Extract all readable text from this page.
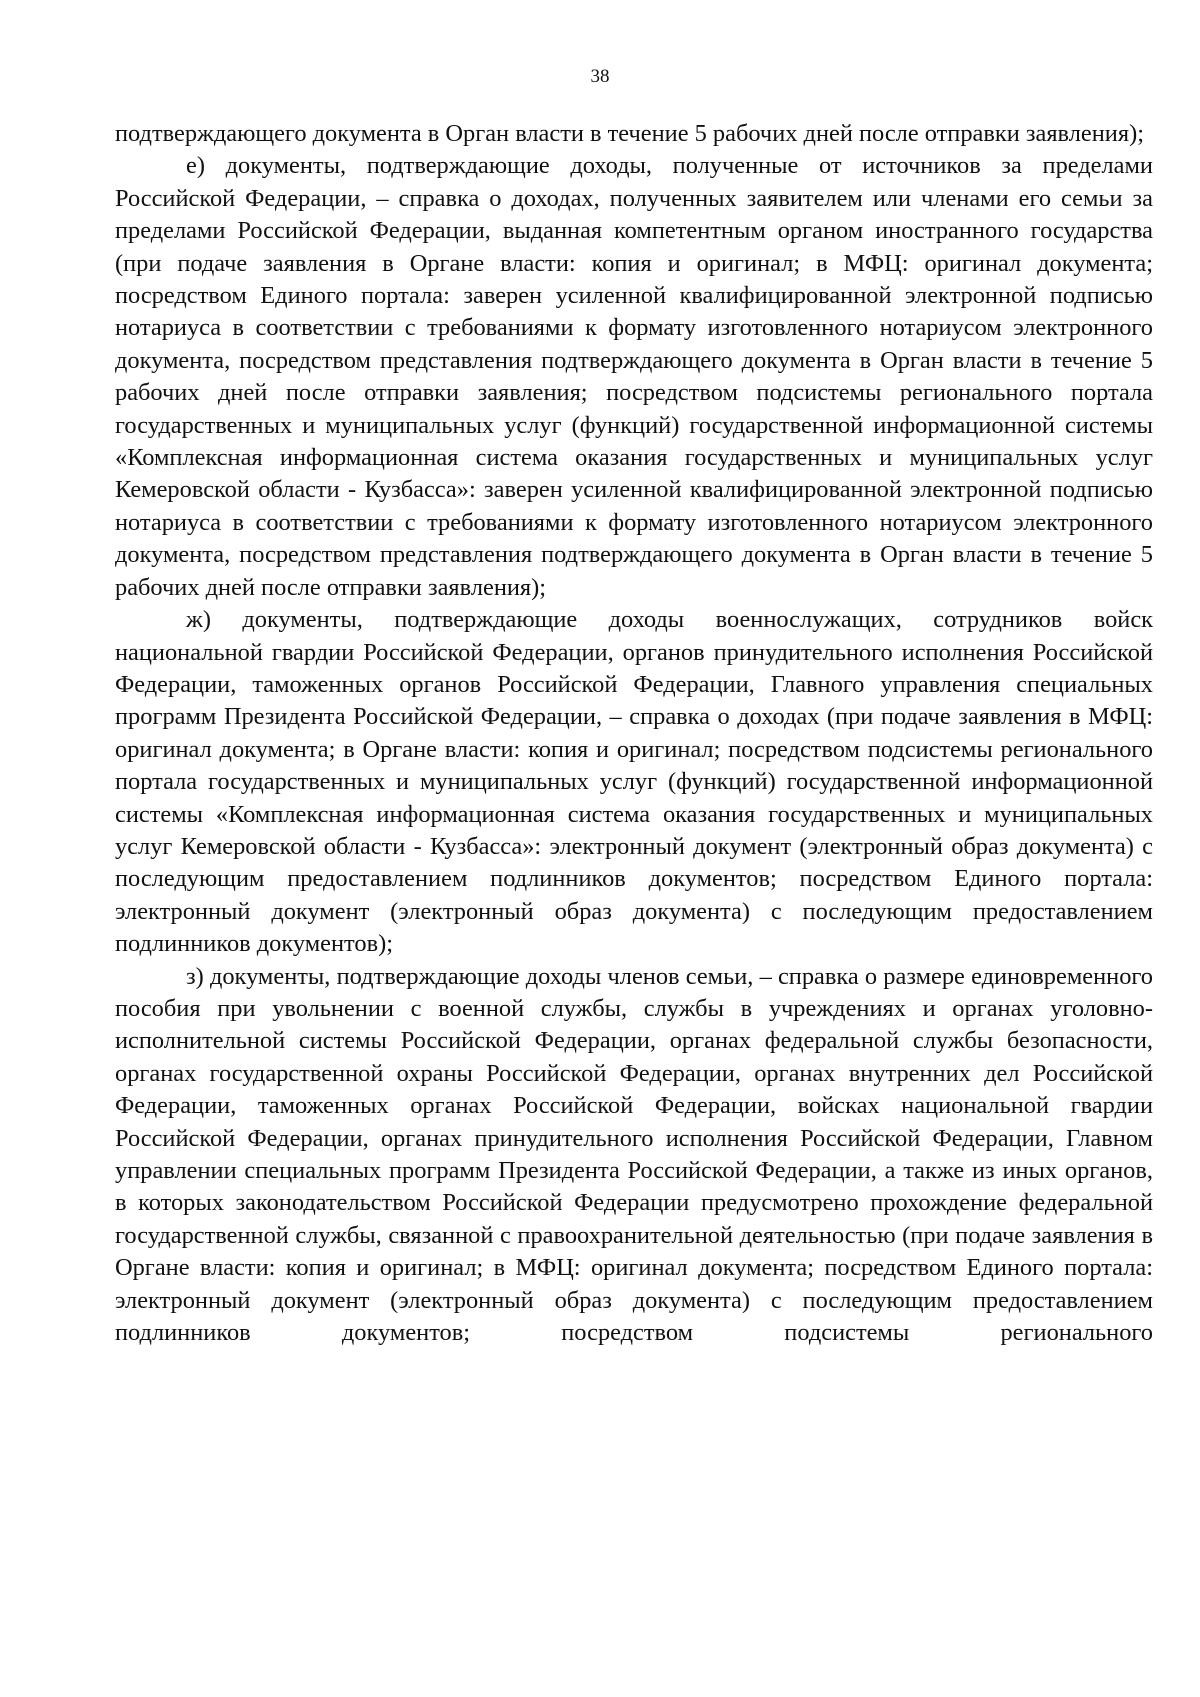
38

подтверждающего документа в Орган власти в течение 5 рабочих дней после отправки заявления);

е) документы, подтверждающие доходы, полученные от источников за пределами Российской Федерации, – справка о доходах, полученных заявителем или членами его семьи за пределами Российской Федерации, выданная компетентным органом иностранного государства (при подаче заявления в Органе власти: копия и оригинал; в МФЦ: оригинал документа; посредством Единого портала: заверен усиленной квалифицированной электронной подписью нотариуса в соответствии с требованиями к формату изготовленного нотариусом электронного документа, посредством представления подтверждающего документа в Орган власти в течение 5 рабочих дней после отправки заявления; посредством подсистемы регионального портала государственных и муниципальных услуг (функций) государственной информационной системы «Комплексная информационная система оказания государственных и муниципальных услуг Кемеровской области - Кузбасса»: заверен усиленной квалифицированной электронной подписью нотариуса в соответствии с требованиями к формату изготовленного нотариусом электронного документа, посредством представления подтверждающего документа в Орган власти в течение 5 рабочих дней после отправки заявления);

ж) документы, подтверждающие доходы военнослужащих, сотрудников войск национальной гвардии Российской Федерации, органов принудительного исполнения Российской Федерации, таможенных органов Российской Федерации, Главного управления специальных программ Президента Российской Федерации, – справка о доходах (при подаче заявления в МФЦ: оригинал документа; в Органе власти: копия и оригинал; посредством подсистемы регионального портала государственных и муниципальных услуг (функций) государственной информационной системы «Комплексная информационная система оказания государственных и муниципальных услуг Кемеровской области - Кузбасса»: электронный документ (электронный образ документа) с последующим предоставлением подлинников документов; посредством Единого портала: электронный документ (электронный образ документа) с последующим предоставлением подлинников документов);

з) документы, подтверждающие доходы членов семьи, – справка о размере единовременного пособия при увольнении с военной службы, службы в учреждениях и органах уголовно-исполнительной системы Российской Федерации, органах федеральной службы безопасности, органах государственной охраны Российской Федерации, органах внутренних дел Российской Федерации, таможенных органах Российской Федерации, войсках национальной гвардии Российской Федерации, органах принудительного исполнения Российской Федерации, Главном управлении специальных программ Президента Российской Федерации, а также из иных органов, в которых законодательством Российской Федерации предусмотрено прохождение федеральной государственной службы, связанной с правоохранительной деятельностью (при подаче заявления в Органе власти: копия и оригинал; в МФЦ: оригинал документа; посредством Единого портала: электронный документ (электронный образ документа) с последующим предоставлением подлинников документов; посредством подсистемы регионального
